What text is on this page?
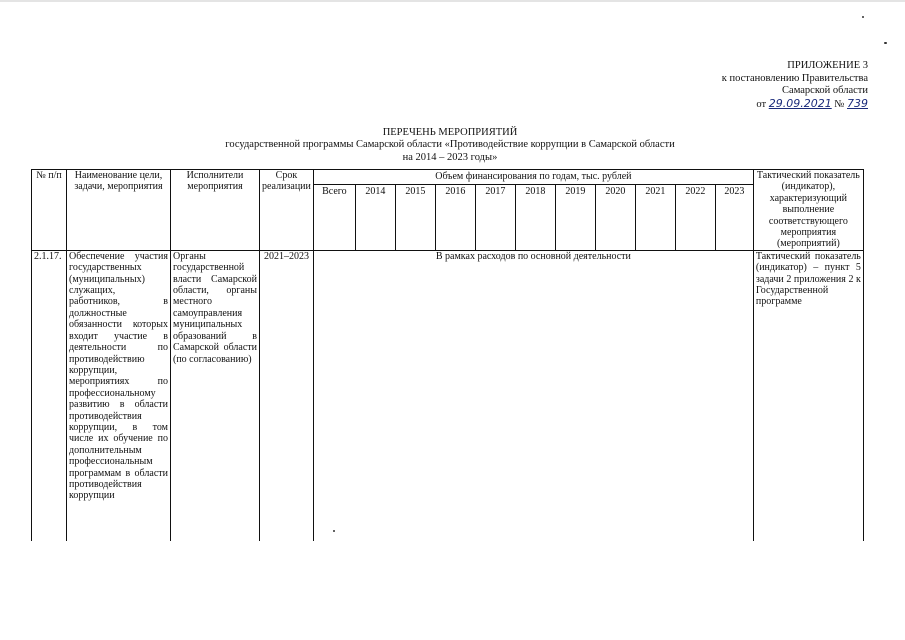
ПРИЛОЖЕНИЕ 3
к постановлению Правительства
Самарской области
от 29.09.2021 № 739
ПЕРЕЧЕНЬ МЕРОПРИЯТИЙ
государственной программы Самарской области «Противодействие коррупции в Самарской области
на 2014 – 2023 годы»
№ п/п	Наименование цели, задачи, мероприятия	Исполнители мероприятия	Срок реализации	Объем финансирования по годам, тыс. рублей											Тактический показатель (индикатор), характеризующий выполнение соответствующего мероприятия (мероприятий)
				Всего	2014	2015	2016	2017	2018	2019	2020	2021	2022	2023	
2.1.17.	Обеспечение участия государственных (муниципальных) служащих, работников, в должностные обязанности которых входит участие в деятельности по противодействию коррупции, мероприятиях по профессиональному развитию в области противодействия коррупции, в том числе их обучение по дополнительным профессиональным программам в области противодействия коррупции	Органы государственной власти Самарской области, органы местного самоуправления муниципальных образований в Самарской области (по согласованию)	2021–2023	В рамках расходов по основной деятельности											Тактический показатель (индикатор) – пункт 5 задачи 2 приложения 2 к Государственной программе
